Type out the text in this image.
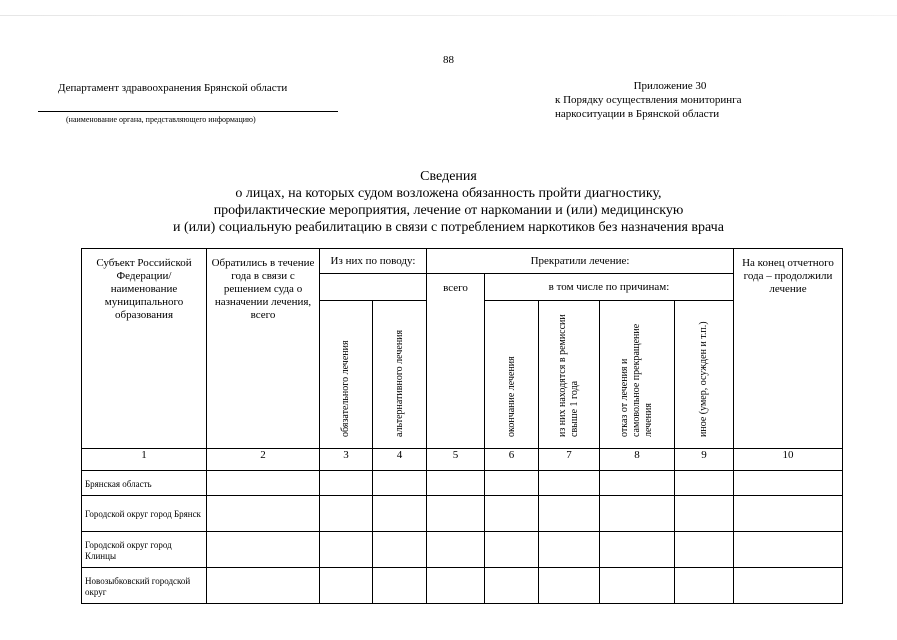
88
Департамент здравоохранения Брянской области
(наименование органа, представляющего информацию)
Приложение 30
к Порядку осуществления мониторинга
наркоситуации в Брянской области
Сведения
о лицах, на которых судом возложена обязанность пройти диагностику,
профилактические мероприятия, лечение от наркомании и (или) медицинскую
и (или) социальную реабилитацию в связи с потреблением наркотиков без назначения врача
Субъект Российской Федерации/ наименование муниципального образования	Обратились в течение года в связи с решением суда о назначении лечения, всего	Из них по поводу:		Прекратили лечение:					На конец отчетного года – продолжили лечение
				всего	в том числе по причинам:				

		обязательного лечения	альтернативного лечения		окончание лечения	из них находятся в ремиссии свыше 1 года	отказ от лечения и самовольное прекращение лечения	иное (умер, осужден и т.п.)	

1	2	3	4	5	6	7	8	9	10
Брянская область									
Городской округ город Брянск									
Городской округ город Клинцы									
Новозыбковский городской округ									
